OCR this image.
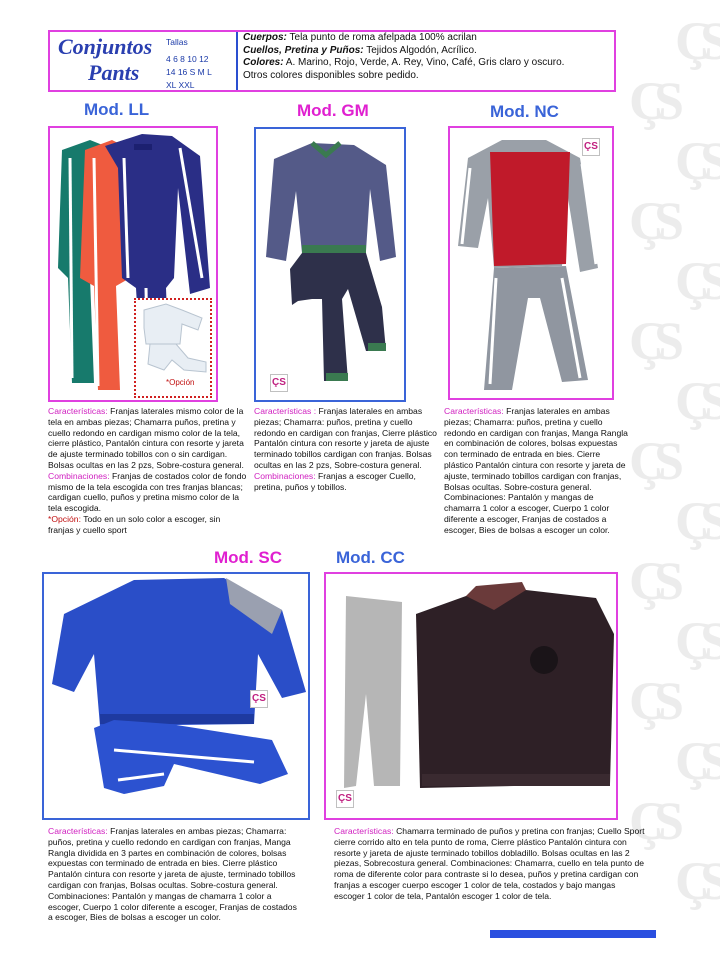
ÇS
ÇS
ÇS
ÇS
ÇS
ÇS
ÇS
ÇS
ÇS
ÇS
ÇS
ÇS
ÇS
ÇS
ÇS
Conjuntos
Pants
Tallas
4 6 8 10 12
14 16 S M L
XL XXL
Cuerpos: Tela punto de roma afelpada 100% acrilan
Cuellos, Pretina y Puños: Tejidos Algodón, Acrílico.
Colores: A. Marino, Rojo, Verde, A. Rey, Vino, Café, Gris claro y oscuro.
Otros colores disponibles sobre pedido.
Mod. LL	Mod. GM	Mod. NC
Mod. SC	Mod. CC
*Opción	ÇS
ÇS
Características: Franjas laterales mismo color de la tela en ambas piezas; Chamarra puños, pretina y cuello redondo en cardigan mismo color de la tela, cierre plástico, Pantalón cintura con resorte y jareta de ajuste terminado tobillos con o sin cardigan. Bolsas ocultas en las 2 pzs, Sobre-costura general.
Combinaciones: Franjas de costados color de fondo mismo de la tela escogida con tres franjas blancas; cardigan cuello, puños y pretina mismo color de la tela escogida.
*Opción: Todo en un solo color a escoger, sin franjas y cuello sport
Características : Franjas laterales en ambas piezas; Chamarra: puños, pretina y cuello redondo en cardigan con franjas, Cierre plástico Pantalón cintura con resorte y jareta de ajuste terminado tobillos cardigan con franjas. Bolsas ocultas en las 2 pzs, Sobre-costura general.
Combinaciones: Franjas a escoger Cuello, pretina, puños y tobillos.
Características: Franjas laterales en ambas piezas; Chamarra: puños, pretina y cuello redondo en cardigan con franjas, Manga Rangla en combinación de colores, bolsas expuestas con terminado de entrada en bies. Cierre plástico Pantalón cintura con resorte y jareta de ajuste, terminado tobillos cardigan con franjas, Bolsas ocultas. Sobre-costura general. Combinaciones: Pantalón y mangas de chamarra 1 color a escoger, Cuerpo 1 color diferente a escoger, Franjas de costados a escoger, Bies de bolsas a escoger un color.
ÇS
ÇS
Características: Franjas laterales en ambas piezas; Chamarra: puños, pretina y cuello redondo en cardigan con franjas, Manga Rangla dividida en 3 partes en combinación de colores, bolsas expuestas con terminado de entrada en bies. Cierre plástico Pantalón cintura con resorte y jareta de ajuste, terminado tobillos cardigan con franjas, Bolsas ocultas. Sobre-costura general. Combinaciones: Pantalón y mangas de chamarra 1 color a escoger, Cuerpo 1 color diferente a escoger, Franjas de costados a escoger, Bies de bolsas a escoger un color.
Características: Chamarra terminado de puños y pretina con franjas; Cuello Sport cierre corrido alto en tela punto de roma, Cierre plástico Pantalón cintura con resorte y jareta de ajuste terminado tobillos dobladillo. Bolsas ocultas en las 2 piezas, Sobrecostura general. Combinaciones: Chamarra, cuello en tela punto de roma de diferente color para contraste si lo desea, puños y pretina cardigan con franjas a escoger cuerpo escoger 1 color de tela, costados y bajo mangas escoger 1 color de tela, Pantalón escoger 1 color de tela.
